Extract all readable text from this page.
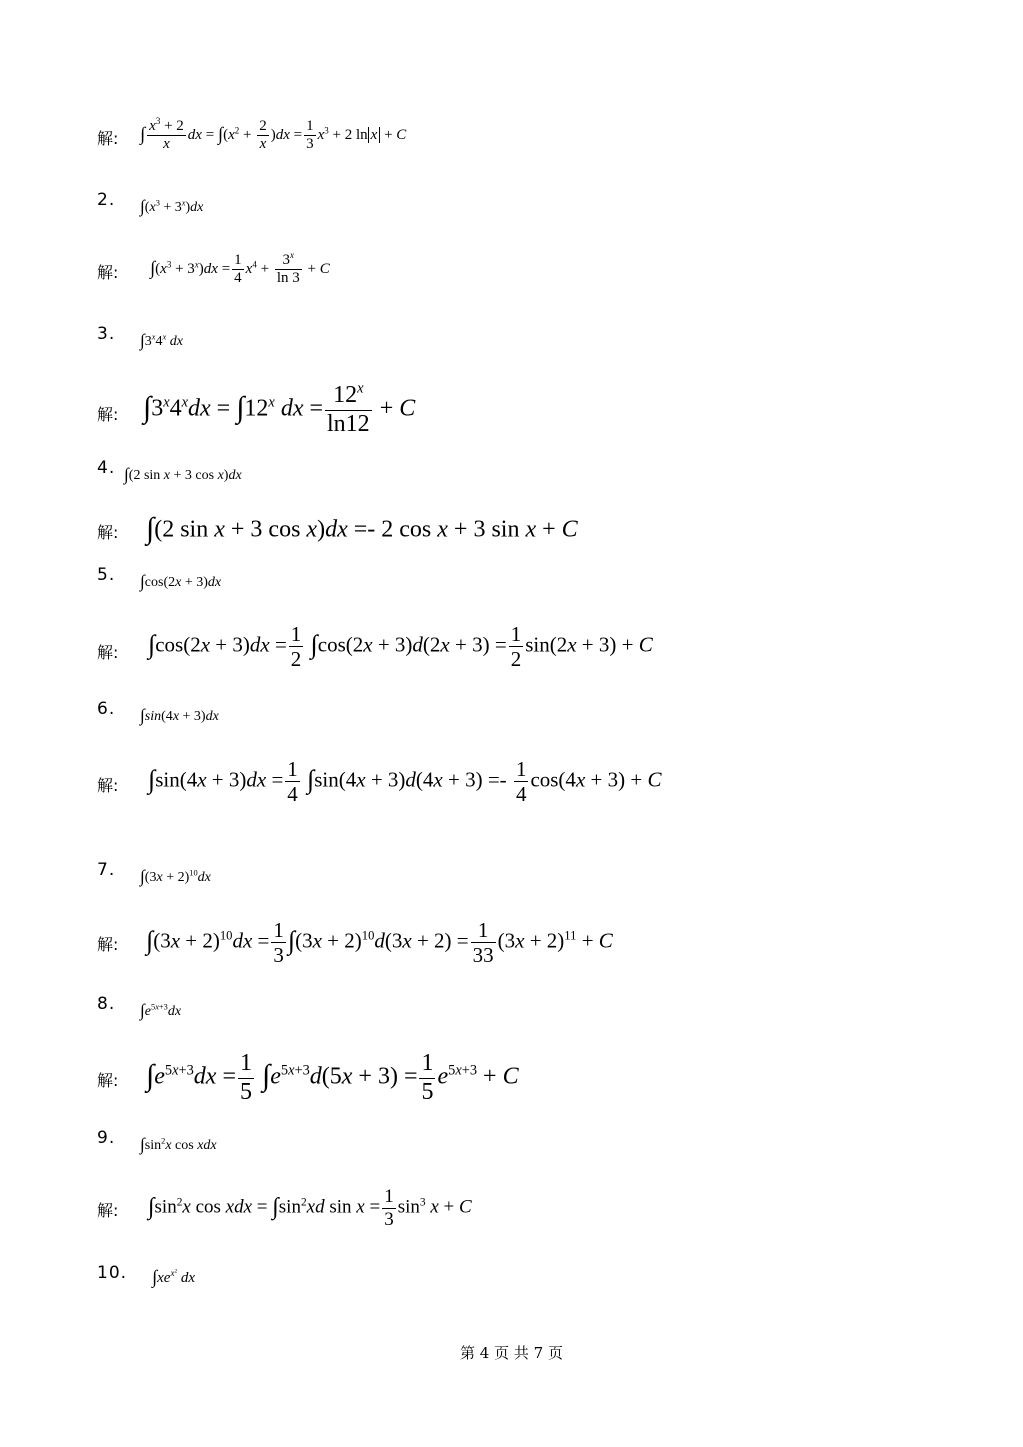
解: ∫ $\frac{x^3 + 2}{x}$ dx = $\int(x^2 + \frac{2}{x} )dx = \frac{1}{3} x^3 + 2$ ln x + C
2. $\int(x^3 + 3^x)dx$
解: $\int(x^3 + 3^x)dx = \frac{1}{4} x^4 + \frac{3^x}{\ln 3} + C$
3. ∫3$^x$4$^x$ dx
解: $\int 3^x4^xdx = \int 12^x$ dx = $\frac{12^x}{\ln 12} + C$
4. ∫(2 sin x + 3 cos x)dx
解: ∫(2 sin x + 3 cos x)dx =- 2 cos x + 3 sin x + C
5. ∫cos(2x + 3)dx
解: $\int\cos(2x + 3)dx = \frac{1}{2} \int\cos(2x + 3)d(2x + 3) = \frac{1}{2} \sin(2x + 3) + C$
6. ∫sin(4x + 3)dx
解: $\int\sin(4x + 3)dx = \frac{1}{4} \int\sin(4x + 3)d(4x + 3) =- \frac{1}{4} \cos(4x + 3) + C$
7. $\int(3x + 2)^{10}dx$
解: $\int(3x + 2)^{10}dx = \frac{1}{3} \int(3x + 2)^{10}d(3x + 2) = \frac{1}{33} (3x + 2)^{11} + C$
8. $\int e^{5x+3}dx$
解: $\int e^{5x+3}dx = \frac{1}{5} \int e^{5x+3}d(5x + 3) = \frac{1}{5} e^{5x+3} + C$
9. $\int\sin^2x$ cos xdx
解: $\int\sin^2x$ cos xdx = $\int\sin^2xd$ $\sin x = \frac{1}{3} \sin^3 x + C$
10. $\int xe^{x^2}$ dx
第 4 页 共 7 页
